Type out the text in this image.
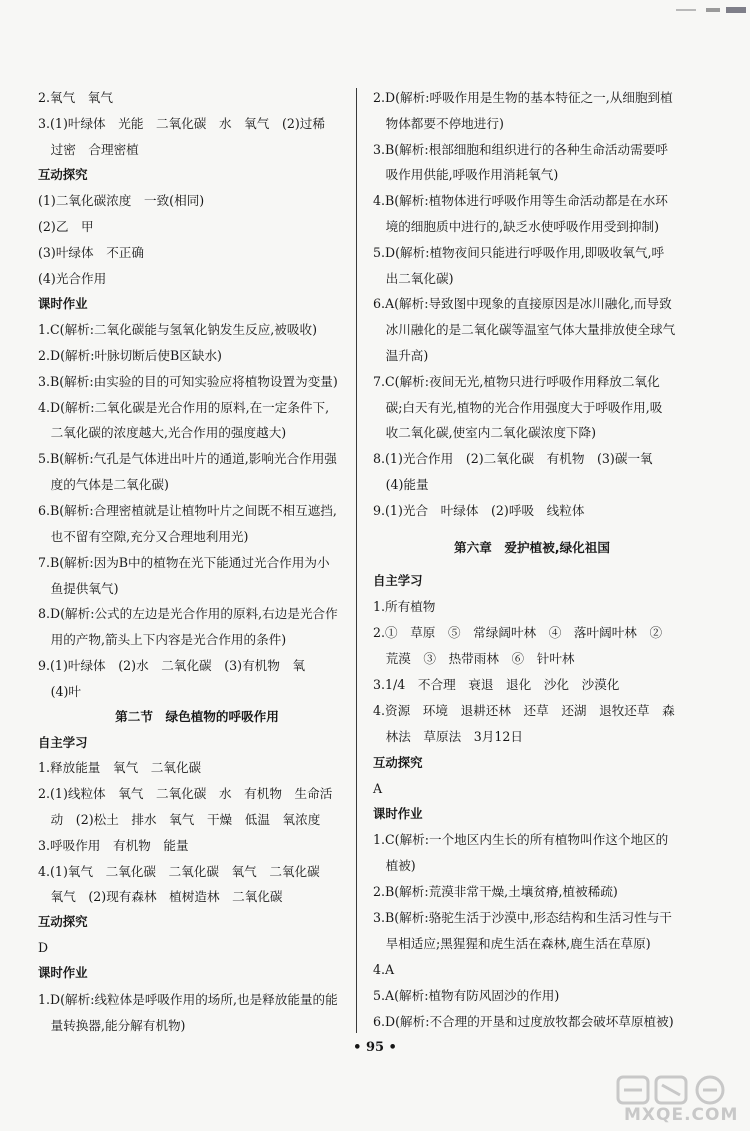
2.氧气　氧气
3.(1)叶绿体　光能　二氧化碳　水　氧气　(2)过稀
　过密　合理密植
互动探究
(1)二氧化碳浓度　一致(相同)
(2)乙　甲
(3)叶绿体　不正确
(4)光合作用
课时作业
1.C(解析:二氧化碳能与氢氧化钠发生反应,被吸收)
2.D(解析:叶脉切断后使B区缺水)
3.B(解析:由实验的目的可知实验应将植物设置为变量)
4.D(解析:二氧化碳是光合作用的原料,在一定条件下,
　二氧化碳的浓度越大,光合作用的强度越大)
5.B(解析:气孔是气体进出叶片的通道,影响光合作用强
　度的气体是二氧化碳)
6.B(解析:合理密植就是让植物叶片之间既不相互遮挡,
　也不留有空隙,充分又合理地利用光)
7.B(解析:因为B中的植物在光下能通过光合作用为小
　鱼提供氧气)
8.D(解析:公式的左边是光合作用的原料,右边是光合作
　用的产物,箭头上下内容是光合作用的条件)
9.(1)叶绿体　(2)水　二氧化碳　(3)有机物　氧
　(4)叶
第二节　绿色植物的呼吸作用
自主学习
1.释放能量　氧气　二氧化碳
2.(1)线粒体　氧气　二氧化碳　水　有机物　生命活
　动　(2)松土　排水　氧气　干燥　低温　氧浓度
3.呼吸作用　有机物　能量
4.(1)氧气　二氧化碳　二氧化碳　氧气　二氧化碳
　氧气　(2)现有森林　植树造林　二氧化碳
互动探究
D
课时作业
1.D(解析:线粒体是呼吸作用的场所,也是释放能量的能
　量转换器,能分解有机物)
2.D(解析:呼吸作用是生物的基本特征之一,从细胞到植
　物体都要不停地进行)
3.B(解析:根部细胞和组织进行的各种生命活动需要呼
　吸作用供能,呼吸作用消耗氧气)
4.B(解析:植物体进行呼吸作用等生命活动都是在水环
　境的细胞质中进行的,缺乏水使呼吸作用受到抑制)
5.D(解析:植物夜间只能进行呼吸作用,即吸收氧气,呼
　出二氧化碳)
6.A(解析:导致图中现象的直接原因是冰川融化,而导致
　冰川融化的是二氧化碳等温室气体大量排放使全球气
　温升高)
7.C(解析:夜间无光,植物只进行呼吸作用释放二氧化
　碳;白天有光,植物的光合作用强度大于呼吸作用,吸
　收二氧化碳,使室内二氧化碳浓度下降)
8.(1)光合作用　(2)二氧化碳　有机物　(3)碳一氧
　(4)能量
9.(1)光合　叶绿体　(2)呼吸　线粒体
第六章　爱护植被,绿化祖国
自主学习
1.所有植物
2.①　草原　⑤　常绿阔叶林　④　落叶阔叶林　②
　荒漠　③　热带雨林　⑥　针叶林
3.1/4　不合理　衰退　退化　沙化　沙漠化
4.资源　环境　退耕还林　还草　还湖　退牧还草　森
　林法　草原法　3月12日
互动探究
A
课时作业
1.C(解析:一个地区内生长的所有植物叫作这个地区的
　植被)
2.B(解析:荒漠非常干燥,土壤贫瘠,植被稀疏)
3.B(解析:骆驼生活于沙漠中,形态结构和生活习性与干
　旱相适应;黑猩猩和虎生活在森林,鹿生活在草原)
4.A
5.A(解析:植物有防风固沙的作用)
6.D(解析:不合理的开垦和过度放牧都会破坏草原植被)
• 95 •
MXQE.COM
